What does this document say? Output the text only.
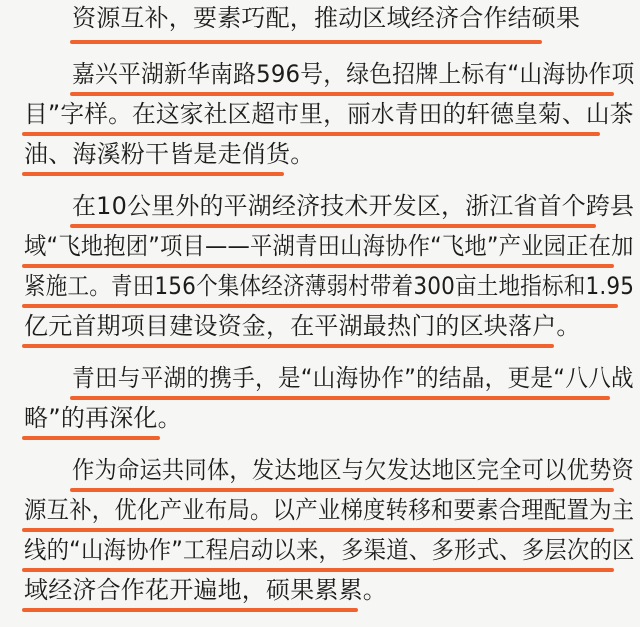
资源互补，要素巧配，推动区域经济合作结硕果
嘉兴平湖新华南路596号，绿色招牌上标有“山海协作项
目”字样。在这家社区超市里，丽水青田的轩德皇菊、山茶
油、海溪粉干皆是走俏货。
在10公里外的平湖经济技术开发区，浙江省首个跨县
域“飞地抱团”项目——平湖青田山海协作“飞地”产业园正在加
紧施工。青田156个集体经济薄弱村带着300亩土地指标和1.95
亿元首期项目建设资金，在平湖最热门的区块落户。
青田与平湖的携手，是“山海协作”的结晶，更是“八八战
略”的再深化。
作为命运共同体，发达地区与欠发达地区完全可以优势资
源互补，优化产业布局。以产业梯度转移和要素合理配置为主
线的“山海协作”工程启动以来，多渠道、多形式、多层次的区
域经济合作花开遍地，硕果累累。
